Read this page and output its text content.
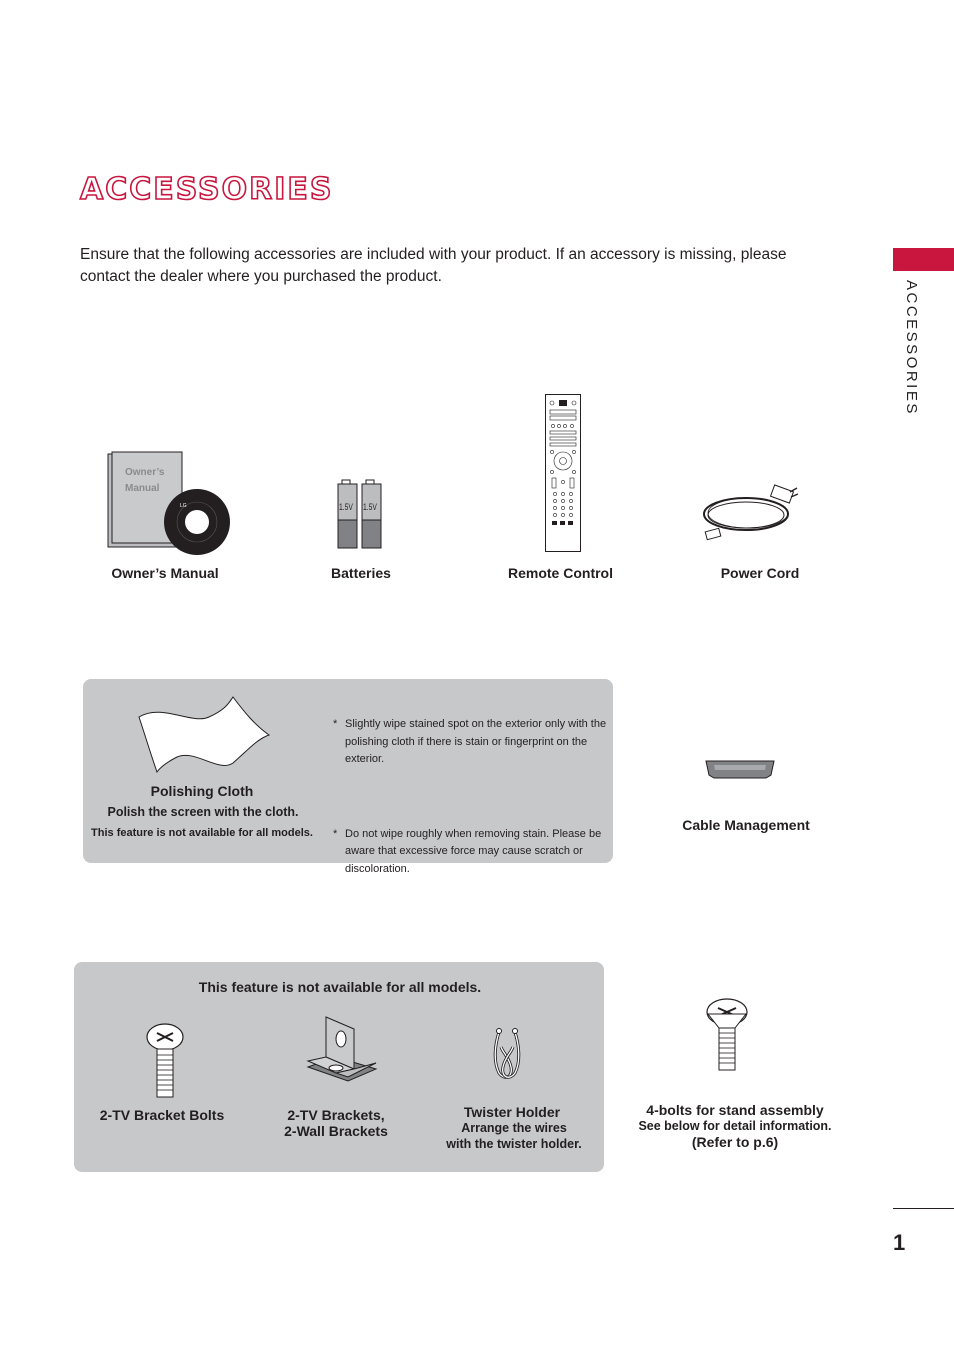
ACCESSORIES
Ensure that the following accessories are included with your product. If an accessory is missing, please contact the dealer where you purchased the product.
ACCESSORIES
LG
Owner’s
Manual
Owner’s Manual
1.5V 1.5V
Batteries	Remote Control	Power Cord
Polishing Cloth
Polish the screen with the cloth.
This feature is not available for all models.
* Slightly wipe stained spot on the exterior only with the polishing cloth if there is stain or fingerprint on the exterior.
* Do not wipe roughly when removing stain. Please be aware that excessive force may cause scratch or discoloration.
Cable Management
This feature is not available for all models.
2-TV Bracket Bolts	2-TV Brackets,
2-Wall Brackets
Twister Holder
Arrange the wires
with the twister holder.
4-bolts for stand assembly
See below for detail information.
(Refer to p.6)
1
